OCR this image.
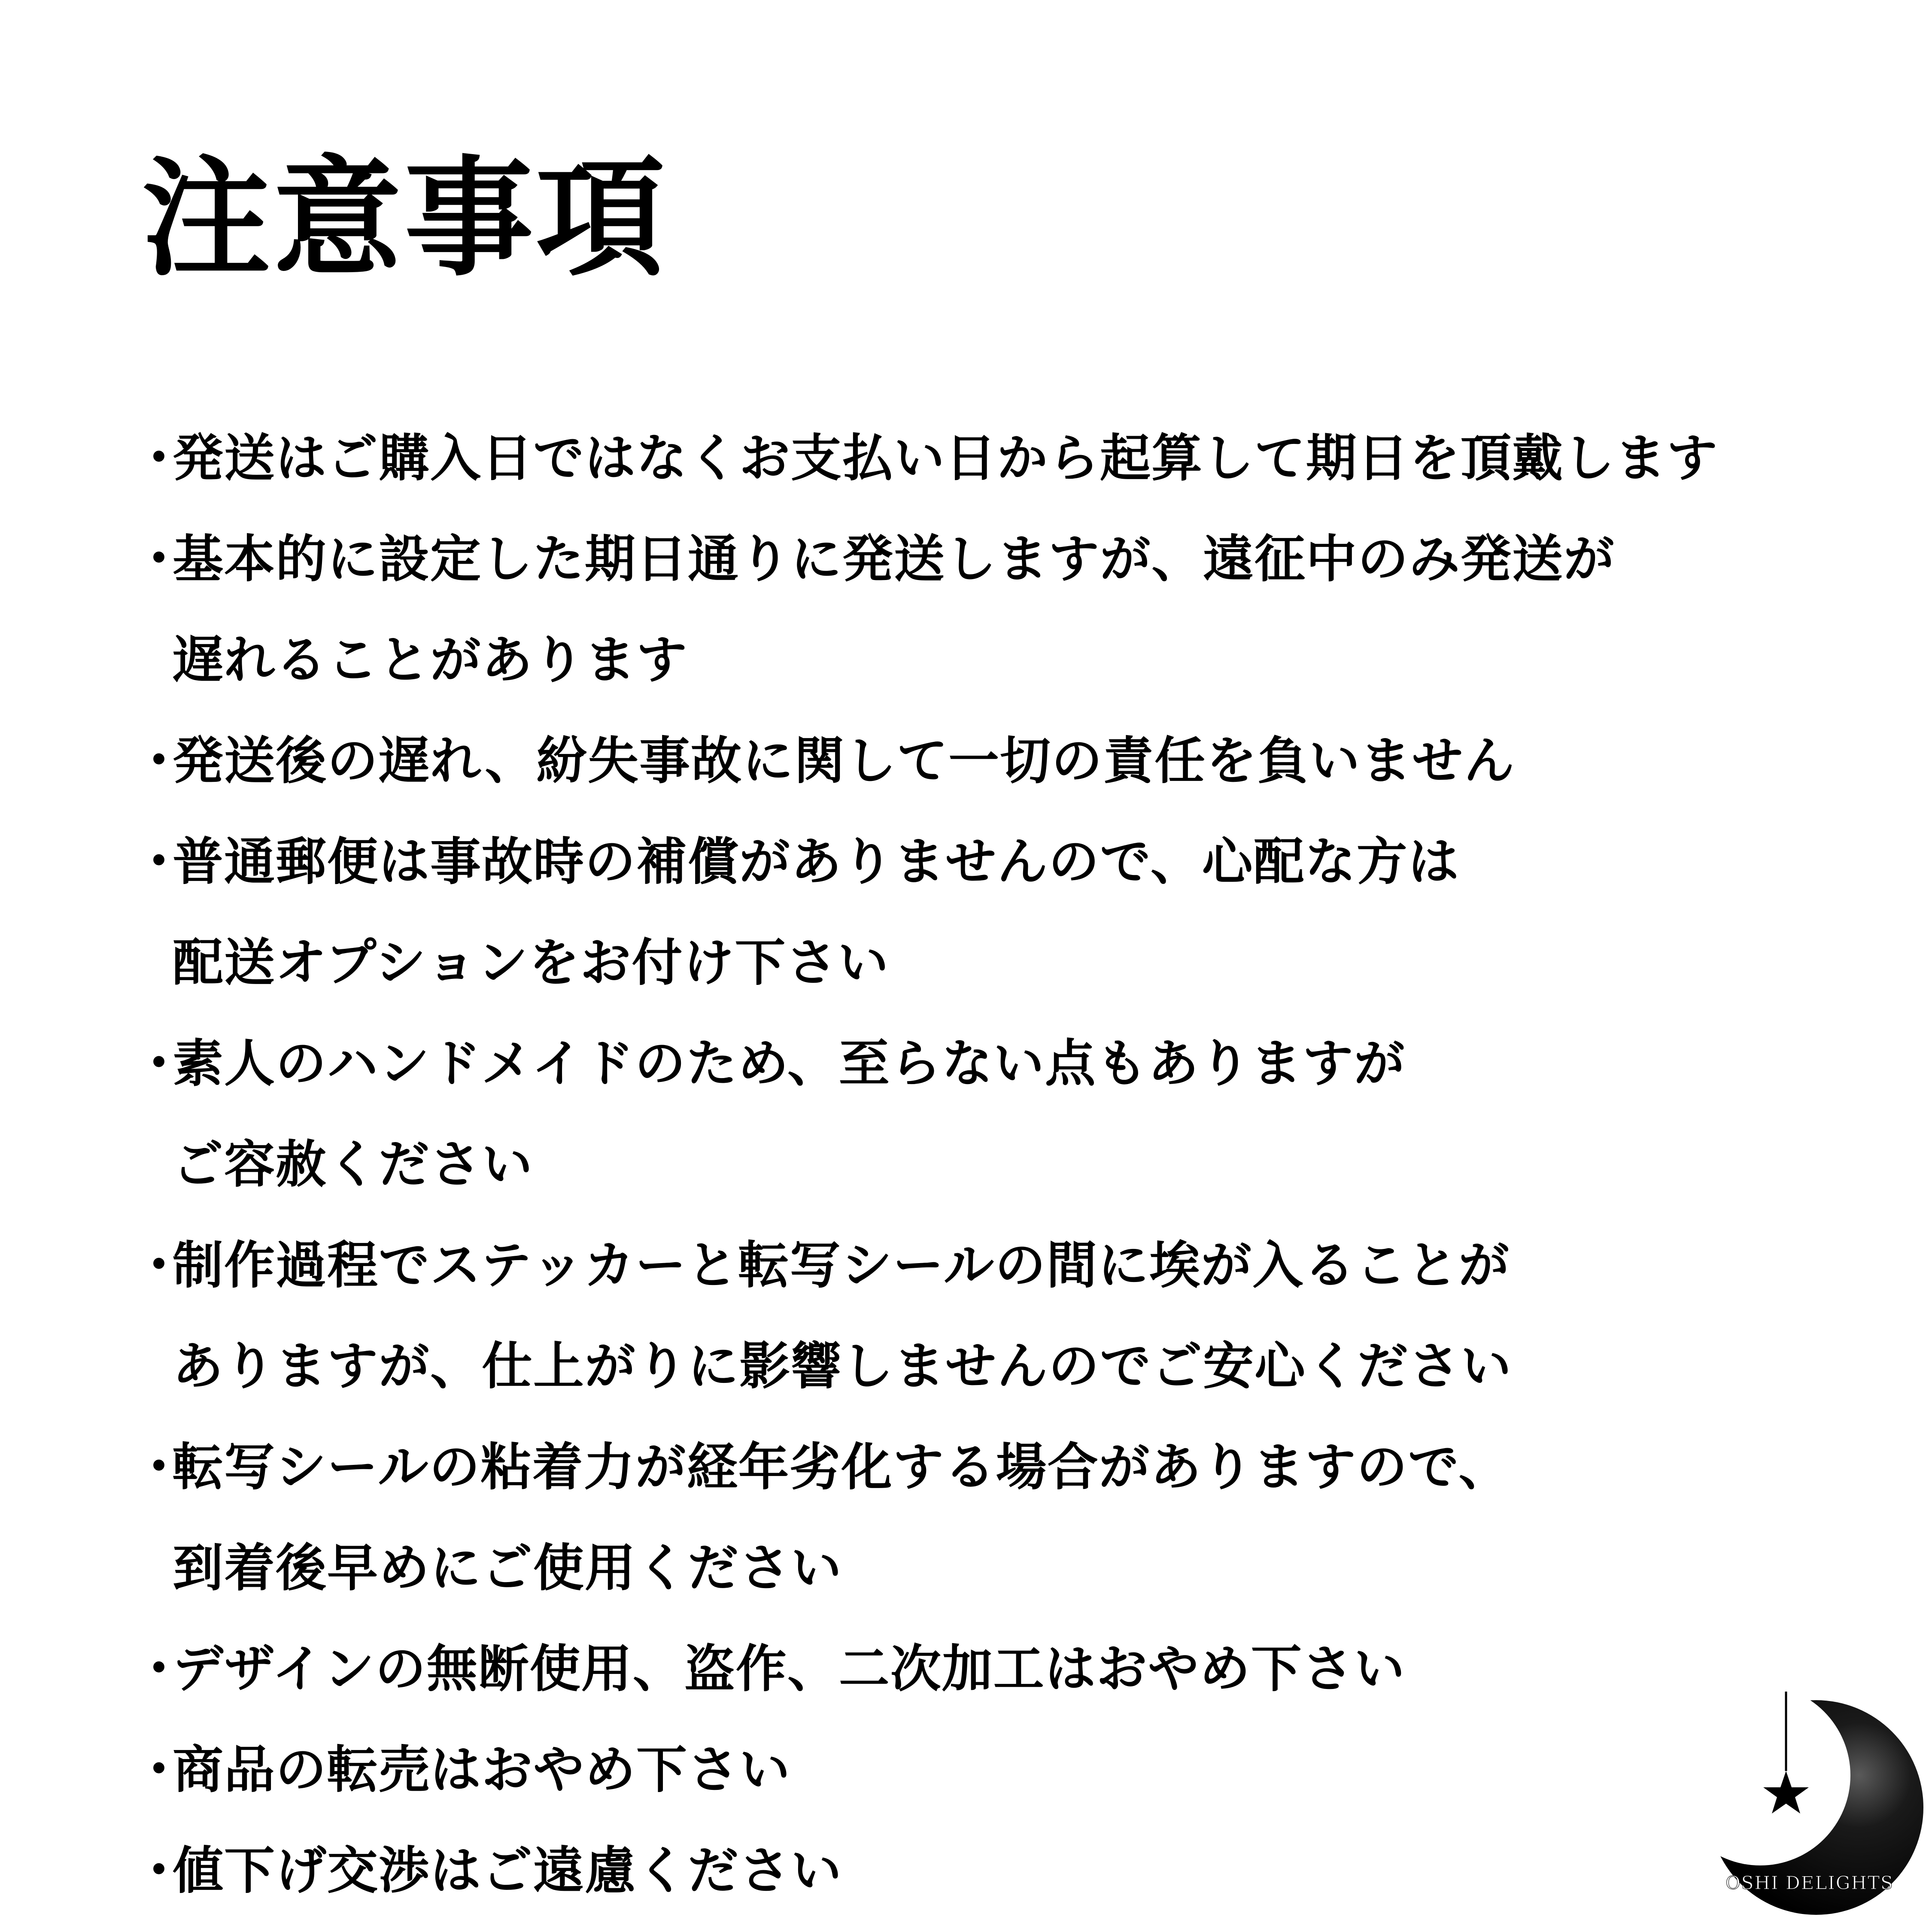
注意事項
・
発送はご購入日ではなくお支払い日から起算して期日を頂戴します
・
基本的に設定した期日通りに発送しますが、遠征中のみ発送が
遅れることがあります
・
発送後の遅れ、紛失事故に関して一切の責任を負いません
・
普通郵便は事故時の補償がありませんので、心配な方は
配送オプションをお付け下さい
・
素人のハンドメイドのため、至らない点もありますが
ご容赦ください
・
制作過程でステッカーと転写シールの間に埃が入ることが
ありますが、仕上がりに影響しませんのでご安心ください
・
転写シールの粘着力が経年劣化する場合がありますので、
到着後早めにご使用ください
・
デザインの無断使用、盗作、二次加工はおやめ下さい
・
商品の転売はおやめ下さい
・
値下げ交渉はご遠慮ください	OSHI DELIGHTS
